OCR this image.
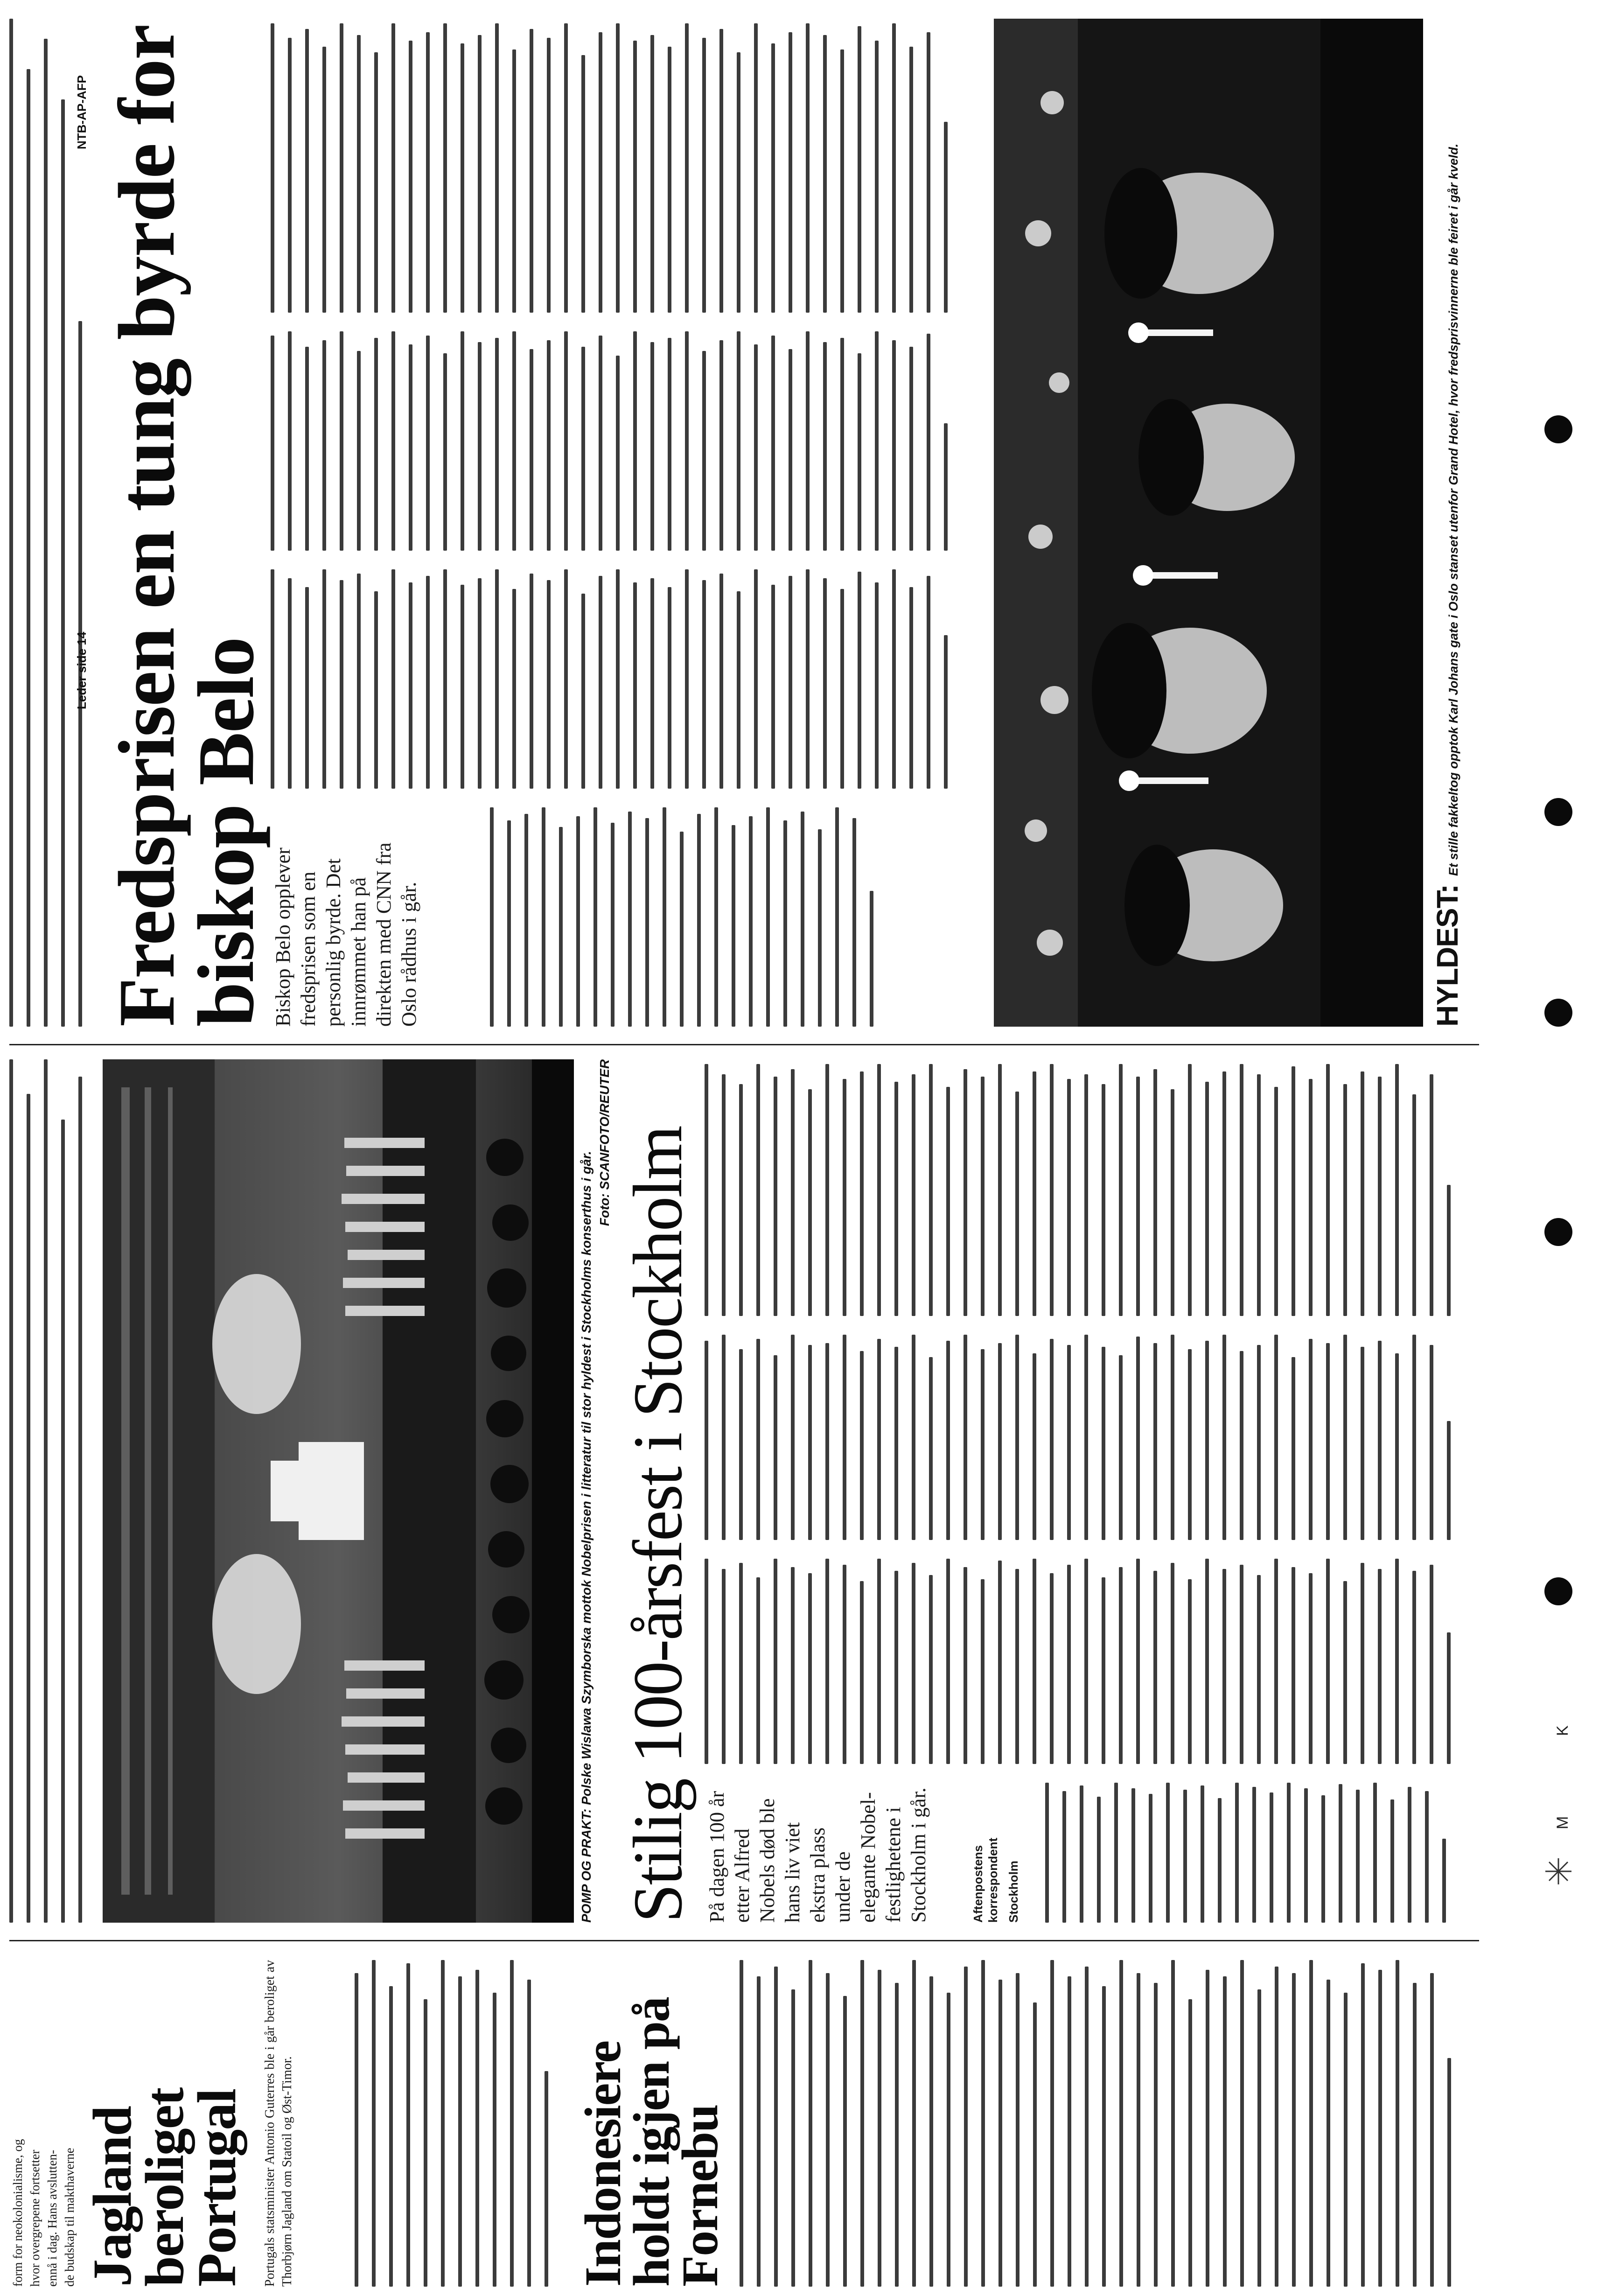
form for neokolonialisme, og hvor overgrepene fortsetter ennå i dag. Hans avslutten- de budskap til makthaverne Jagland beroliget Portugal Portugals statsminister Antonio Guterres ble i går beroliget av Thorbjørn Jagland om Statoil og Øst-Timor.	Indonesiere holdt igjen på Fornebu
POMP OG PRAKT: Polske Wislawa Szymborska mottok Nobelprisen i litteratur til stor hyldest i Stockholms konserthus i går.
Foto: SCANFOTO/REUTER Stilig 100-årsfest i Stockholm På dagen 100 år etter Alfred Nobels død ble hans liv viet ekstra plass under de elegante Nobel-festlighetene i Stockholm i går.	Aftenpostens korrespondent Stockholm
Leder side 14
NTB-AP-AFP Fredsprisen en tung byrde for biskop Belo Biskop Belo opplever fredsprisen som en personlig byrde. Det innrømmet han på direkten med CNN fra Oslo rådhus i går.	HYLDEST: Et stille fakkeltog opptok Karl Johans gate i Oslo stanset utenfor Grand Hotel, hvor fredsprisvinnerne ble feiret i går kveld.
M
K
